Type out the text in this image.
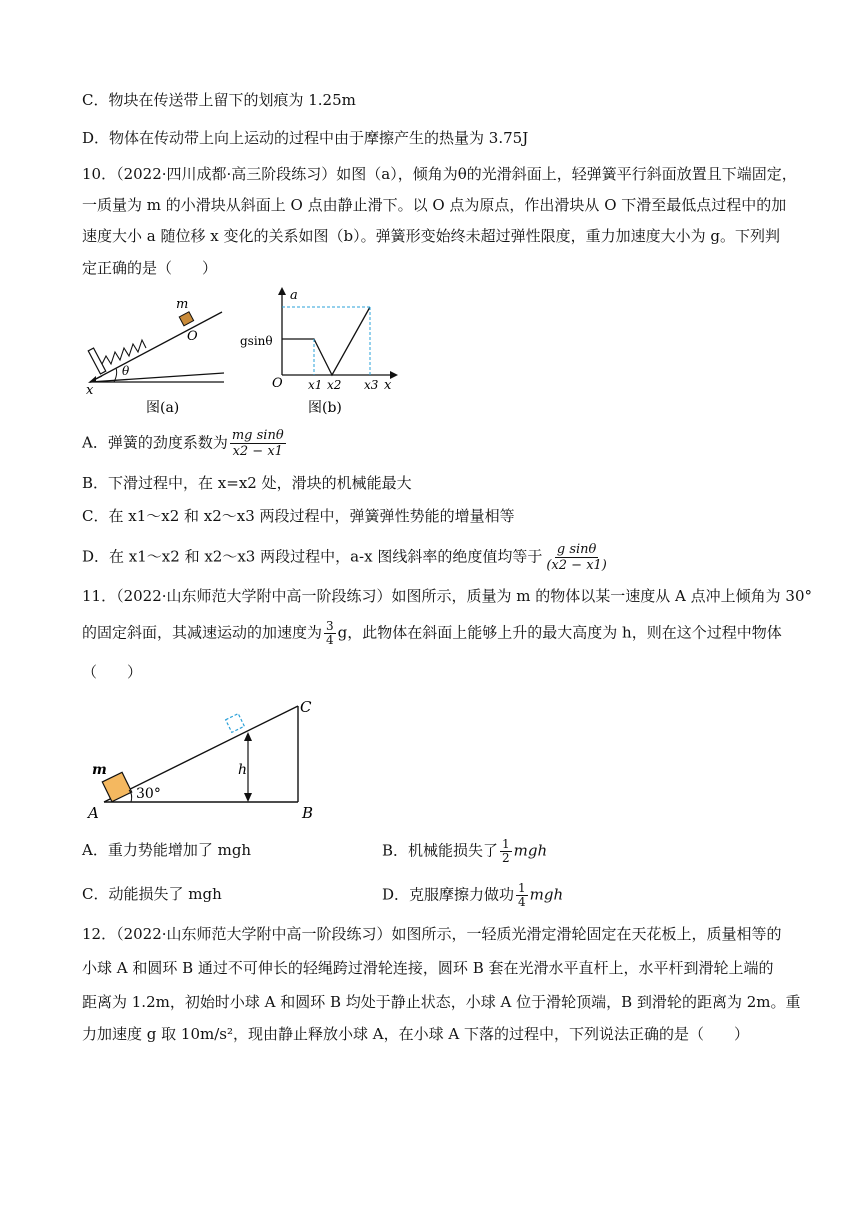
C．物块在传送带上留下的划痕为 1.25m
D．物体在传动带上向上运动的过程中由于摩擦产生的热量为 3.75J
10．（2022·四川成都·高三阶段练习）如图（a），倾角为θ的光滑斜面上，轻弹簧平行斜面放置且下端固定，
一质量为 m 的小滑块从斜面上 O 点由静止滑下。以 O 点为原点，作出滑块从 O 下滑至最低点过程中的加
速度大小 a 随位移 x 变化的关系如图（b）。弹簧形变始终未超过弹性限度，重力加速度大小为 g。下列判
定正确的是（　　）
m
O
θ
x
图(a)
a
gsinθ
O x1 x2 x3 x
图(b)
A．弹簧的劲度系数为 $\frac{\text{mg sinθ}}{x2 - x1}$
B．下滑过程中，在 x=x2 处，滑块的机械能最大
C．在 x1～x2 和 x2～x3 两段过程中，弹簧弹性势能的增量相等
D．在 x1～x2 和 x2～x3 两段过程中，a-x 图线斜率的绝度值均等于 $\frac{\text{g sinθ}}{(x2 - x1)}$
11．（2022·山东师范大学附中高一阶段练习）如图所示，质量为 m 的物体以某一速度从 A 点冲上倾角为 30°
的固定斜面，其减速运动的加速度为 $\frac{3}{4}$ g，此物体在斜面上能够上升的最大高度为 h，则在这个过程中物体
（　　）
m
A	B
C
30°
h
A．重力势能增加了 mgh	B．机械能损失了 $\frac{1}{2}$ mgh
C．动能损失了 mgh	D．克服摩擦力做功 $\frac{1}{4}$ mgh
12．（2022·山东师范大学附中高一阶段练习）如图所示，一轻质光滑定滑轮固定在天花板上，质量相等的
小球 A 和圆环 B 通过不可伸长的轻绳跨过滑轮连接，圆环 B 套在光滑水平直杆上，水平杆到滑轮上端的
距离为 1.2m，初始时小球 A 和圆环 B 均处于静止状态，小球 A 位于滑轮顶端，B 到滑轮的距离为 2m。重
力加速度 g 取 10m/s²，现由静止释放小球 A，在小球 A 下落的过程中，下列说法正确的是（　　）
